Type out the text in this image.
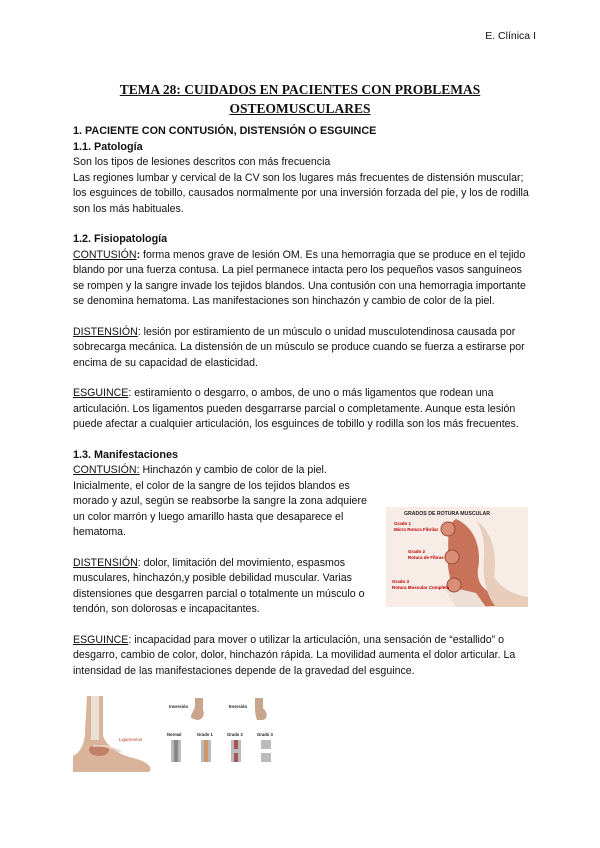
E. Clínica I
TEMA 28: CUIDADOS EN PACIENTES CON PROBLEMAS
OSTEOMUSCULARES
1. PACIENTE CON CONTUSIÓN, DISTENSIÓN O ESGUINCE
1.1. Patología

Son los tipos de lesiones descritos con más frecuencia

Las regiones lumbar y cervical de la CV son los lugares más frecuentes de distensión muscular; los esguinces de tobillo, causados normalmente por una inversión forzada del pie, y los de rodilla son los más habituales.

1.2. Fisiopatología

CONTUSIÓN: forma menos grave de lesión OM. Es una hemorragia que se produce en el tejido blando por una fuerza contusa. La piel permanece intacta pero los pequeños vasos sanguíneos se rompen y la sangre invade los tejidos blandos. Una contusión con una hemorragia importante se denomina hematoma. Las manifestaciones son hinchazón y cambio de color de la piel.

DISTENSIÓN: lesión por estiramiento de un músculo o unidad musculotendinosa causada por sobrecarga mecánica. La distensión de un músculo se produce cuando se fuerza a estirarse por encima de su capacidad de elasticidad.

ESGUINCE: estiramiento o desgarro, o ambos, de uno o más ligamentos que rodean una articulación. Los ligamentos pueden desgarrarse parcial o completamente. Aunque esta lesión puede afectar a cualquier articulación, los esguinces de tobillo y rodilla son los más frecuentes.

1.3. Manifestaciones

CONTUSIÓN: Hinchazón y cambio de color de la piel. Inicialmente, el color de la sangre de los tejidos blandos es morado y azul, según se reabsorbe la sangre la zona adquiere un color marrón y luego amarillo hasta que desaparece el hematoma.

DISTENSIÓN: dolor, limitación del movimiento, espasmos musculares, hinchazón,y posible debilidad muscular. Varias distensiones que desgarren parcial o totalmente un músculo o tendón, son dolorosas e incapacitantes.

ESGUINCE: incapacidad para mover o utilizar la articulación, una sensación de “estallido” o desgarro, cambio de color, dolor, hinchazón rápida. La movilidad aumenta el dolor articular. La intensidad de las manifestaciones depende de la gravedad del esguince.

GRADOS DE ROTURA MUSCULAR
Grado 1
Micro Rotura Fibrilar
Grado 2
Rotura de Fibras
Grado 3
Rotura Muscular Completa
Ligamentos
Inversión	Eversión
Normal	Grado 1	Grado 2	Grado 3
